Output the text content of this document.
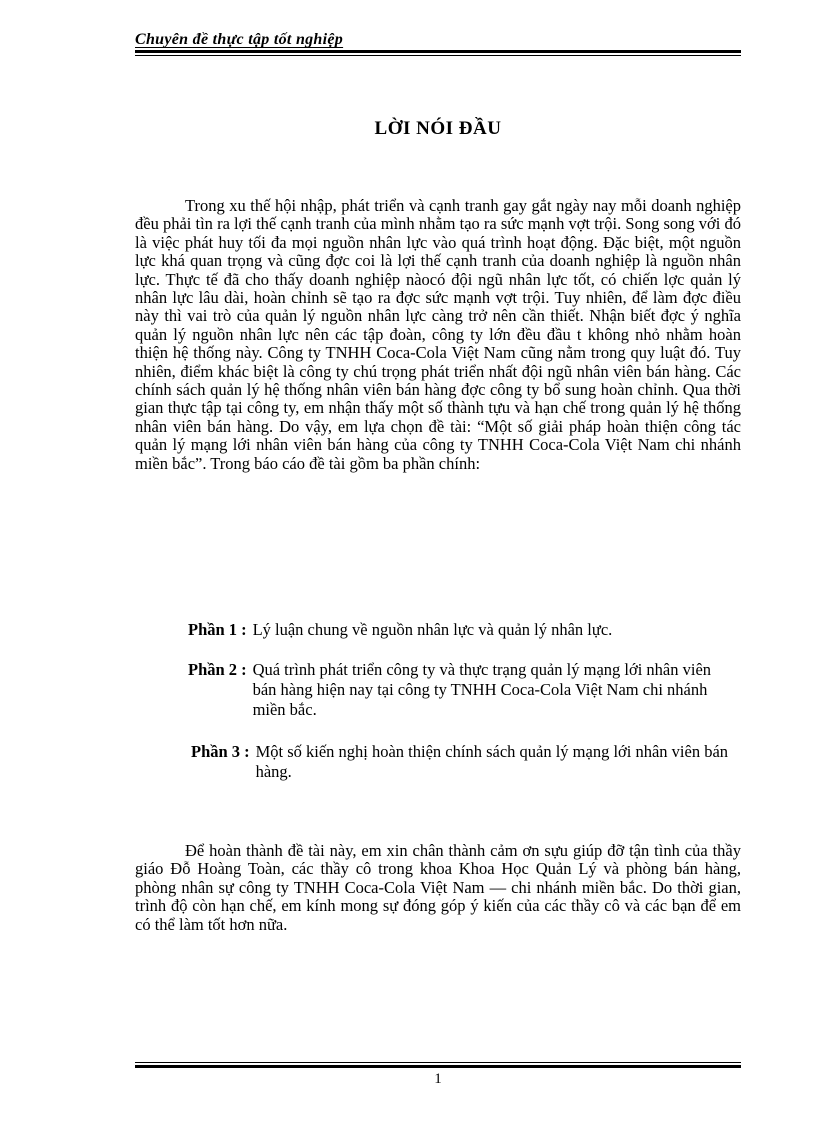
Chuyên đề thực tập tốt nghiệp
LỜI NÓI ĐẦU

Trong xu thế hội nhập, phát triển và cạnh tranh gay gắt ngày nay mỗi doanh nghiệp đều phải tìn ra lợi thế cạnh tranh của mình nhằm tạo ra sức mạnh vợt trội. Song song với đó là việc phát huy tối đa mọi nguồn nhân lực vào quá trình hoạt động. Đặc biệt, một nguồn lực khá quan trọng và cũng đợc coi là lợi thế cạnh tranh của doanh nghiệp là nguồn nhân lực. Thực tế đã cho thấy doanh nghiệp nàocó đội ngũ nhân lực tốt, có chiến lợc quản lý nhân lực lâu dài, hoàn chỉnh sẽ tạo ra đợc sức mạnh vợt trội. Tuy nhiên, để làm đợc điều này thì vai trò của quản lý nguồn nhân lực càng trở nên cần thiết. Nhận biết đợc ý nghĩa quản lý nguồn nhân lực nên các tập đoàn, công ty lớn đều đầu t không nhỏ nhằm hoàn thiện hệ thống này. Công ty TNHH Coca-Cola Việt Nam cũng nằm trong quy luật đó. Tuy nhiên, điểm khác biệt là công ty chú trọng phát triển nhất đội ngũ nhân viên bán hàng. Các chính sách quản lý hệ thống nhân viên bán hàng đợc công ty bổ sung hoàn chỉnh. Qua thời gian thực tập tại công ty, em nhận thấy một số thành tựu và hạn chế trong quản lý hệ thống nhân viên bán hàng. Do vậy, em lựa chọn đề tài: “Một số giải pháp hoàn thiện công tác quản lý mạng lới nhân viên bán hàng của công ty TNHH Coca-Cola Việt Nam chi nhánh miền bắc”. Trong báo cáo đề tài gồm ba phần chính:

Phần 1 : Lý luận chung về nguồn nhân lực và quản lý nhân lực.
Phần 2 : Quá trình phát triển công ty và thực trạng quản lý mạng lới nhân viên bán hàng hiện nay tại công ty TNHH Coca-Cola Việt Nam chi nhánh miền bắc.
Phần 3 : Một số kiến nghị hoàn thiện chính sách quản lý mạng lới nhân viên bán hàng.

Để hoàn thành đề tài này, em xin chân thành cảm ơn sựu giúp đỡ tận tình của thầy giáo Đỗ Hoàng Toàn, các thầy cô trong khoa Khoa Học Quản Lý và phòng bán hàng, phòng nhân sự công ty TNHH Coca-Cola Việt Nam — chi nhánh miền bắc. Do thời gian, trình độ còn hạn chế, em kính mong sự đóng góp ý kiến của các thầy cô và các bạn để em có thể làm tốt hơn nữa.

1
